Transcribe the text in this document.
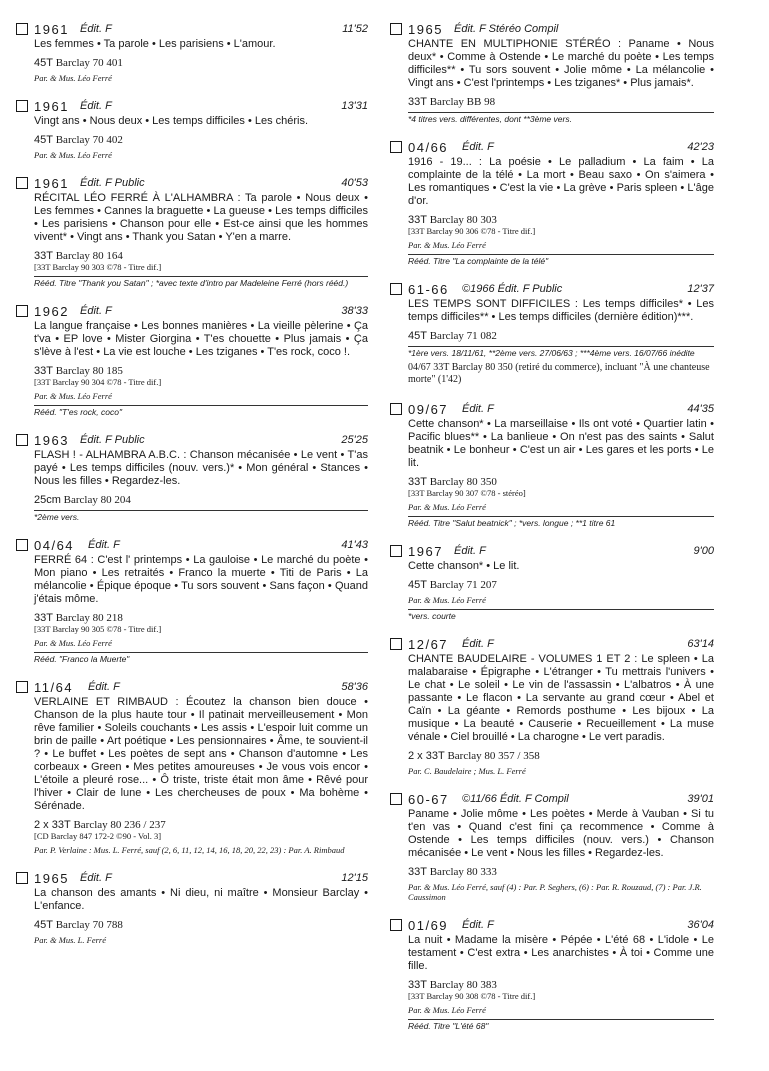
1961 Édit. F	11'52
Les femmes • Ta parole • Les parisiens • L'amour.
45T Barclay 70 401
Par. & Mus. Léo Ferré
1961 Édit. F	13'31
Vingt ans • Nous deux • Les temps difficiles • Les chéris.
45T Barclay 70 402
Par. & Mus. Léo Ferré
1961 Édit. F Public	40'53
RÉCITAL LÉO FERRÉ À L'ALHAMBRA : Ta parole • Nous deux • Les femmes • Cannes la braguette • La gueuse • Les temps difficiles • Les parisiens • Chanson pour elle • Est-ce ainsi que les hommes vivent* • Vingt ans • Thank you Satan • Y'en a marre.
33T Barclay 80 164
[33T Barclay 90 303 ©78 - Titre dif.]
Rééd. Titre "Thank you Satan" ; *avec texte d'intro par Madeleine Ferré (hors rééd.)
1962 Édit. F	38'33
La langue française • Les bonnes manières • La vieille pèlerine • Ça t'va • EP love • Mister Giorgina • T'es chouette • Plus jamais • Ça s'lève à l'est • La vie est louche • Les tziganes • T'es rock, coco !.
33T Barclay 80 185
[33T Barclay 90 304 ©78 - Titre dif.]
Par. & Mus. Léo Ferré
Rééd. "T'es rock, coco"
1963 Édit. F Public	25'25
FLASH ! - ALHAMBRA A.B.C. : Chanson mécanisée • Le vent • T'as payé • Les temps difficiles (nouv. vers.)* • Mon général • Stances • Nous les filles • Regardez-les.
25cm Barclay 80 204
*2ème vers.
04/64 Édit. F	41'43
FERRÉ 64 : C'est l' printemps • La gauloise • Le marché du poète • Mon piano • Les retraités • Franco la muerte • Titi de Paris • La mélancolie • Épique époque • Tu sors souvent • Sans façon • Quand j'étais môme.
33T Barclay 80 218
[33T Barclay 90 305 ©78 - Titre dif.]
Par. & Mus. Léo Ferré
Rééd. "Franco la Muerte"
11/64 Édit. F	58'36
VERLAINE ET RIMBAUD : Écoutez la chanson bien douce • Chanson de la plus haute tour • Il patinait merveilleusement • Mon rêve familier • Soleils couchants • Les assis • L'espoir luit comme un brin de paille • Art poétique • Les pensionnaires • Âme, te souvient-il ? • Le buffet • Les poètes de sept ans • Chanson d'automne • Les corbeaux • Green • Mes petites amoureuses • Je vous vois encor • L'étoile a pleuré rose... • Ô triste, triste était mon âme • Rêvé pour l'hiver • Clair de lune • Les chercheuses de poux • Ma bohème • Sérénade.
2 x 33T Barclay 80 236 / 237
[CD Barclay 847 172-2 ©90 - Vol. 3]
Par. P. Verlaine : Mus. L. Ferré, sauf (2, 6, 11, 12, 14, 16, 18, 20, 22, 23) : Par. A. Rimbaud
1965 Édit. F	12'15
La chanson des amants • Ni dieu, ni maître • Monsieur Barclay • L'enfance.
45T Barclay 70 788
Par. & Mus. L. Ferré
1965 Édit. F Stéréo Compil
CHANTE EN MULTIPHONIE STÉRÉO : Paname • Nous deux* • Comme à Ostende • Le marché du poète • Les temps difficiles** • Tu sors souvent • Jolie môme • La mélancolie • Vingt ans • C'est l'printemps • Les tziganes* • Plus jamais*.
33T Barclay BB 98
*4 titres vers. différentes, dont **3ème vers.
04/66 Édit. F	42'23
1916 - 19... : La poésie • Le palladium • La faim • La complainte de la télé • La mort • Beau saxo • On s'aimera • Les romantiques • C'est la vie • La grève • Paris spleen • L'âge d'or.
33T Barclay 80 303
[33T Barclay 90 306 ©78 - Titre dif.]
Par. & Mus. Léo Ferré
Rééd. Titre "La complainte de la télé"
61-66 ©1966 Édit. F Public	12'37
LES TEMPS SONT DIFFICILES : Les temps difficiles* • Les temps difficiles** • Les temps difficiles (dernière édition)***.
45T Barclay 71 082
*1ère vers. 18/11/61, **2ème vers. 27/06/63 ; ***4ème vers. 16/07/66 inédite
04/67 33T Barclay 80 350 (retiré du commerce), incluant "À une chanteuse morte" (1'42)
09/67 Édit. F	44'35
Cette chanson* • La marseillaise • Ils ont voté • Quartier latin • Pacific blues** • La banlieue • On n'est pas des saints • Salut beatnik • Le bonheur • C'est un air • Les gares et les ports • Le lit.
33T Barclay 80 350
[33T Barclay 90 307 ©78 - stéréo]
Par. & Mus. Léo Ferré
Rééd. Titre "Salut beatnick" ; *vers. longue ; **1 titre 61
1967 Édit. F	9'00
Cette chanson* • Le lit.
45T Barclay 71 207
Par. & Mus. Léo Ferré
*vers. courte
12/67 Édit. F	63'14
CHANTE BAUDELAIRE - VOLUMES 1 ET 2 : Le spleen • La malabaraise • Épigraphe • L'étranger • Tu mettrais l'univers • Le chat • Le soleil • Le vin de l'assassin • L'albatros • À une passante • Le flacon • La servante au grand cœur • Abel et Caïn • La géante • Remords posthume • Les bijoux • La musique • La beauté • Causerie • Recueillement • La muse vénale • Ciel brouillé • La charogne • Le vert paradis.
2 x 33T Barclay 80 357 / 358
Par. C. Baudelaire ; Mus. L. Ferré
60-67 ©11/66 Édit. F Compil	39'01
Paname • Jolie môme • Les poètes • Merde à Vauban • Si tu t'en vas • Quand c'est fini ça recommence • Comme à Ostende • Les temps difficiles (nouv. vers.) • Chanson mécanisée • Le vent • Nous les filles • Regardez-les.
33T Barclay 80 333
Par. & Mus. Léo Ferré, sauf (4) : Par. P. Seghers, (6) : Par. R. Rouzaud, (7) : Par. J.R. Caussimon
01/69 Édit. F	36'04
La nuit • Madame la misère • Pépée • L'été 68 • L'idole • Le testament • C'est extra • Les anarchistes • À toi • Comme une fille.
33T Barclay 80 383
[33T Barclay 90 308 ©78 - Titre dif.]
Par. & Mus. Léo Ferré
Rééd. Titre "L'été 68"
